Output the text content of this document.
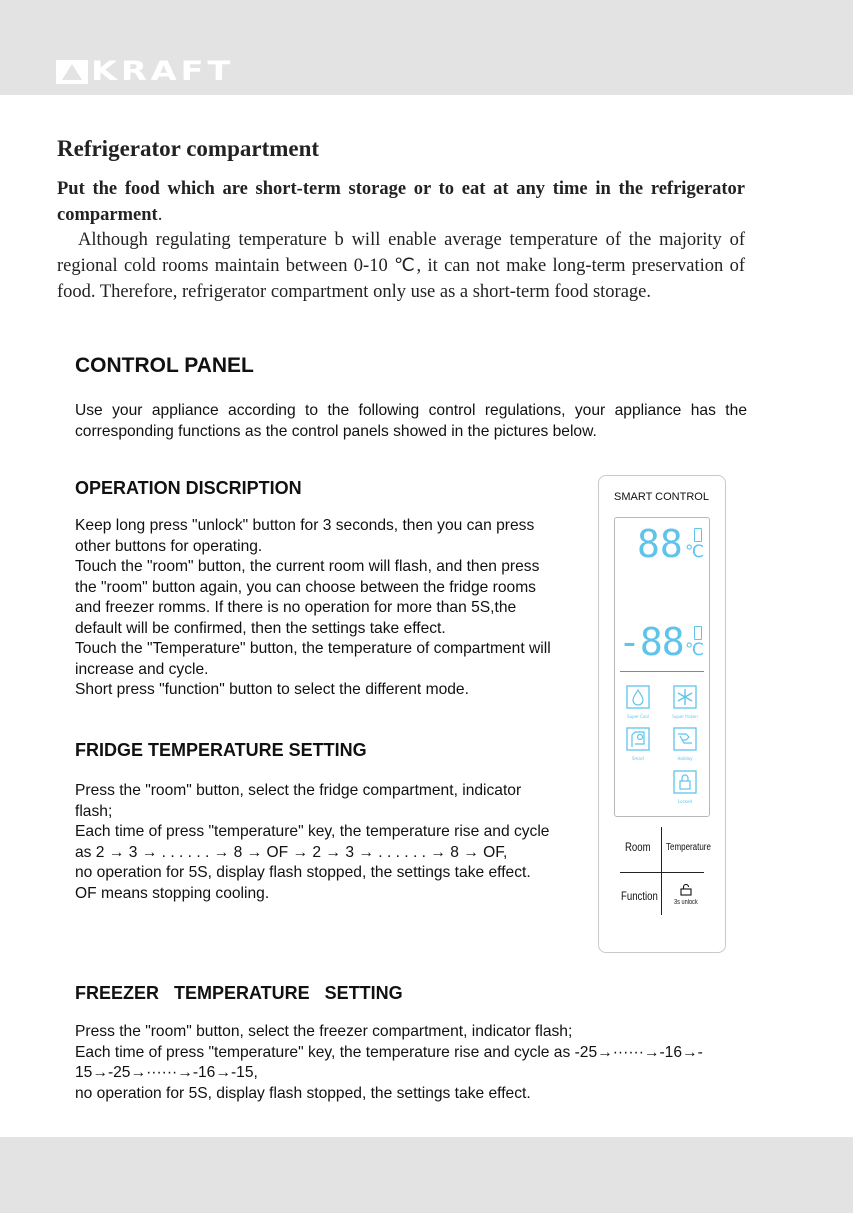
KRAFT
Refrigerator compartment
Put the food which are short-term storage or to eat at any time in the refrigerator comparment.
Although regulating temperature b will enable average temperature of the majority of regional cold rooms maintain between 0-10 ℃, it can not make long-term preservation of food. Therefore, refrigerator compartment only use as a short-term food storage.
CONTROL PANEL
Use your appliance according to the following control regulations, your appliance has the corresponding functions as the control panels showed in the pictures below.
OPERATION DISCRIPTION
Keep long press "unlock" button for 3 seconds, then you can press
other buttons for operating.
Touch the "room" button, the current room will flash, and then press
the "room" button again, you can choose between the fridge rooms
and freezer romms. If there is no operation for more than 5S,the
default will be confirmed, then the settings take effect.
Touch the "Temperature" button, the temperature of compartment will
increase and cycle.
Short press "function" button to select the different mode.
FRIDGE TEMPERATURE SETTING
Press the "room" button, select the fridge compartment, indicator
flash;
Each time of press "temperature" key, the temperature rise and cycle
as 2 → 3 → . . . . . . → 8 → OF → 2 → 3 → . . . . . . → 8 → OF,
no operation for 5S, display flash stopped, the settings take effect.
OF means stopping cooling.
FREEZER   TEMPERATURE   SETTING
Press the "room" button, select the freezer compartment, indicator flash;
Each time of press "temperature" key, the temperature rise and cycle as -25→······→-16→-
15→-25→······→-16→-15,
no operation for 5S, display flash stopped, the settings take effect.
SMART CONTROL
88 ℃
-88 ℃
Super Cool	Super frozen
Smart	Holiday
Locked
Room Temperature
Function 3s unlock
